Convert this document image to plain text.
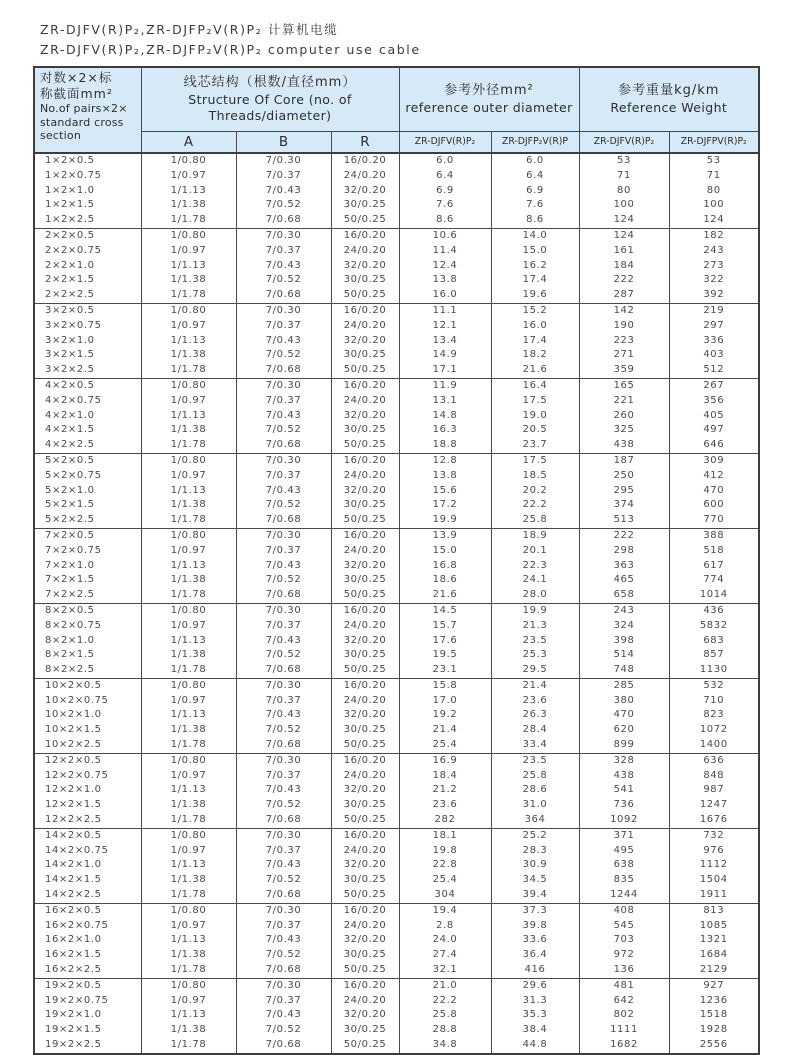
ZR-DJFV(R)P₂,ZR-DJFP₂V(R)P₂ 计算机电缆
ZR-DJFV(R)P₂,ZR-DJFP₂V(R)P₂ computer use cable
对数×2×标
称截面mm²
No.of pairs×2×
standard cross
section

线芯结构（根数/直径mm）
Structure Of Core (no. of
Threads/diameter)

参考外径mm²
reference outer diameter

参考重量kg/km
Reference Weight

	A	B	R	ZR-DJFV(R)P₂	ZR-DJFP₂V(R)P	ZR-DJFV(R)P₂	ZR-DJFPV(R)P₂
1×2×0.5	1/0.80	7/0.30	16/0.20	6.0	6.0	53	53
1×2×0.75	1/0.97	7/0.37	24/0.20	6.4	6.4	71	71
1×2×1.0	1/1.13	7/0.43	32/0.20	6.9	6.9	80	80
1×2×1.5	1/1.38	7/0.52	30/0.25	7.6	7.6	100	100
1×2×2.5	1/1.78	7/0.68	50/0.25	8.6	8.6	124	124
2×2×0.5	1/0.80	7/0.30	16/0.20	10.6	14.0	124	182
2×2×0.75	1/0.97	7/0.37	24/0.20	11.4	15.0	161	243
2×2×1.0	1/1.13	7/0.43	32/0.20	12.4	16.2	184	273
2×2×1.5	1/1.38	7/0.52	30/0.25	13.8	17.4	222	322
2×2×2.5	1/1.78	7/0.68	50/0.25	16.0	19.6	287	392
3×2×0.5	1/0.80	7/0.30	16/0.20	11.1	15.2	142	219
3×2×0.75	1/0.97	7/0.37	24/0.20	12.1	16.0	190	297
3×2×1.0	1/1.13	7/0.43	32/0.20	13.4	17.4	223	336
3×2×1.5	1/1.38	7/0.52	30/0.25	14.9	18.2	271	403
3×2×2.5	1/1.78	7/0.68	50/0.25	17.1	21.6	359	512
4×2×0.5	1/0.80	7/0.30	16/0.20	11.9	16.4	165	267
4×2×0.75	1/0.97	7/0.37	24/0.20	13.1	17.5	221	356
4×2×1.0	1/1.13	7/0.43	32/0.20	14.8	19.0	260	405
4×2×1.5	1/1.38	7/0.52	30/0.25	16.3	20.5	325	497
4×2×2.5	1/1.78	7/0.68	50/0.25	18.8	23.7	438	646
5×2×0.5	1/0.80	7/0.30	16/0.20	12.8	17.5	187	309
5×2×0.75	1/0.97	7/0.37	24/0.20	13.8	18.5	250	412
5×2×1.0	1/1.13	7/0.43	32/0.20	15.6	20.2	295	470
5×2×1.5	1/1.38	7/0.52	30/0.25	17.2	22.2	374	600
5×2×2.5	1/1.78	7/0.68	50/0.25	19.9	25.8	513	770
7×2×0.5	1/0.80	7/0.30	16/0.20	13.9	18.9	222	388
7×2×0.75	1/0.97	7/0.37	24/0.20	15.0	20.1	298	518
7×2×1.0	1/1.13	7/0.43	32/0.20	16.8	22.3	363	617
7×2×1.5	1/1.38	7/0.52	30/0.25	18.6	24.1	465	774
7×2×2.5	1/1.78	7/0.68	50/0.25	21.6	28.0	658	1014
8×2×0.5	1/0.80	7/0.30	16/0.20	14.5	19.9	243	436
8×2×0.75	1/0.97	7/0.37	24/0.20	15.7	21.3	324	5832
8×2×1.0	1/1.13	7/0.43	32/0.20	17.6	23.5	398	683
8×2×1.5	1/1.38	7/0.52	30/0.25	19.5	25.3	514	857
8×2×2.5	1/1.78	7/0.68	50/0.25	23.1	29.5	748	1130
10×2×0.5	1/0.80	7/0.30	16/0.20	15.8	21.4	285	532
10×2×0.75	1/0.97	7/0.37	24/0.20	17.0	23.6	380	710
10×2×1.0	1/1.13	7/0.43	32/0.20	19.2	26.3	470	823
10×2×1.5	1/1.38	7/0.52	30/0.25	21.4	28.4	620	1072
10×2×2.5	1/1.78	7/0.68	50/0.25	25.4	33.4	899	1400
12×2×0.5	1/0.80	7/0.30	16/0.20	16.9	23.5	328	636
12×2×0.75	1/0.97	7/0.37	24/0.20	18.4	25.8	438	848
12×2×1.0	1/1.13	7/0.43	32/0.20	21.2	28.6	541	987
12×2×1.5	1/1.38	7/0.52	30/0.25	23.6	31.0	736	1247
12×2×2.5	1/1.78	7/0.68	50/0.25	282	364	1092	1676
14×2×0.5	1/0.80	7/0.30	16/0.20	18.1	25.2	371	732
14×2×0.75	1/0.97	7/0.37	24/0.20	19.8	28.3	495	976
14×2×1.0	1/1.13	7/0.43	32/0.20	22.8	30.9	638	1112
14×2×1.5	1/1.38	7/0.52	30/0.25	25.4	34.5	835	1504
14×2×2.5	1/1.78	7/0.68	50/0.25	304	39.4	1244	1911
16×2×0.5	1/0.80	7/0.30	16/0.20	19.4	37.3	408	813
16×2×0.75	1/0.97	7/0.37	24/0.20	2.8	39.8	545	1085
16×2×1.0	1/1.13	7/0.43	32/0.20	24.0	33.6	703	1321
16×2×1.5	1/1.38	7/0.52	30/0.25	27.4	36.4	972	1684
16×2×2.5	1/1.78	7/0.68	50/0.25	32.1	416	136	2129
19×2×0.5	1/0.80	7/0.30	16/0.20	21.0	29.6	481	927
19×2×0.75	1/0.97	7/0.37	24/0.20	22.2	31.3	642	1236
19×2×1.0	1/1.13	7/0.43	32/0.20	25.8	35.3	802	1518
19×2×1.5	1/1.38	7/0.52	30/0.25	28.8	38.4	1111	1928
19×2×2.5	1/1.78	7/0.68	50/0.25	34.8	44.8	1682	2556
